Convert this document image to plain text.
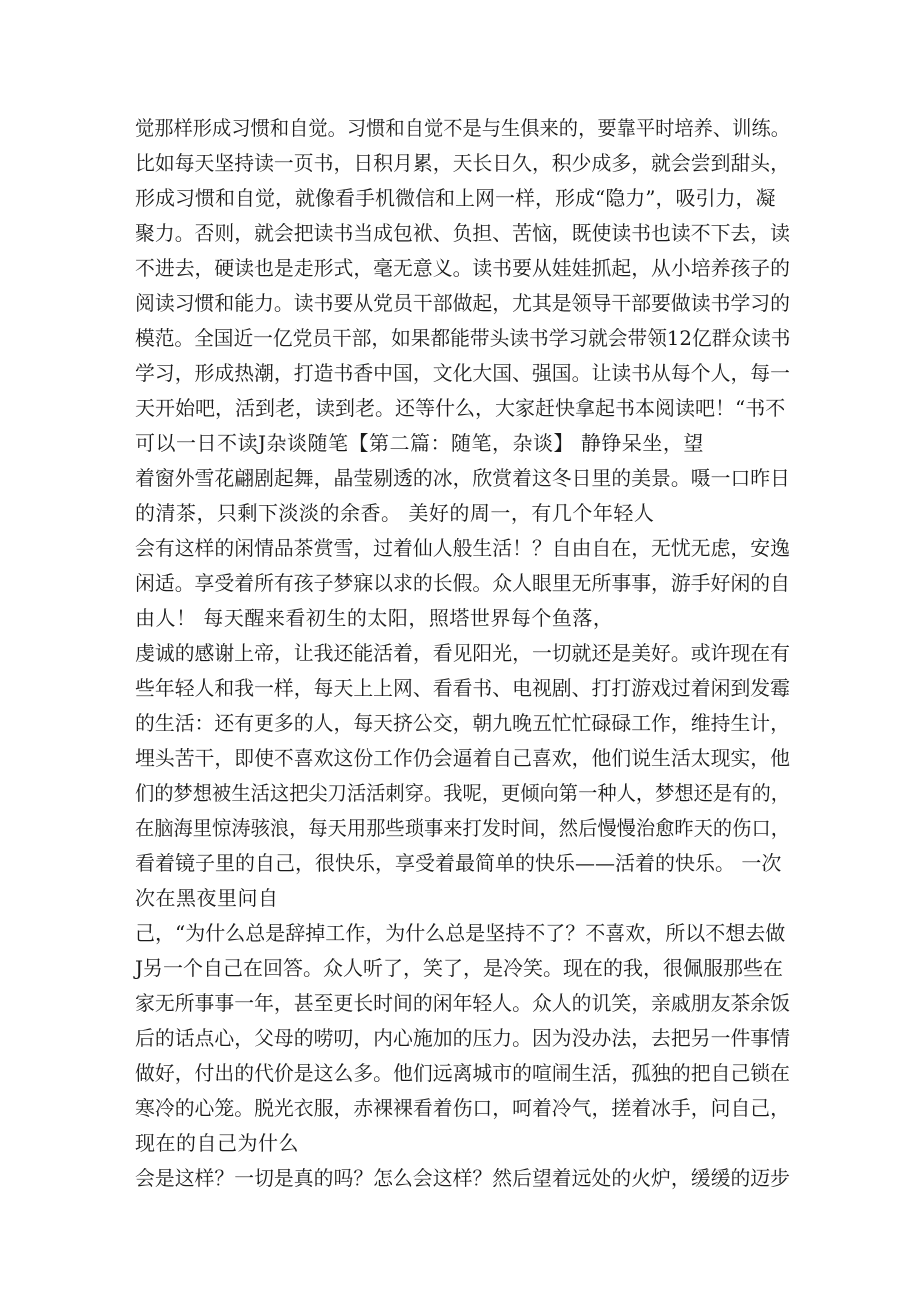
觉那样形成习惯和自觉。习惯和自觉不是与生俱来的，要靠平时培养、训练。
比如每天坚持读一页书，日积月累，天长日久，积少成多，就会尝到甜头，
形成习惯和自觉，就像看手机微信和上网一样，形成“隐力”，吸引力，凝
聚力。否则，就会把读书当成包袱、负担、苦恼，既使读书也读不下去，读
不进去，硬读也是走形式，毫无意义。读书要从娃娃抓起，从小培养孩子的
阅读习惯和能力。读书要从党员干部做起，尤其是领导干部要做读书学习的
模范。全国近一亿党员干部，如果都能带头读书学习就会带领12亿群众读书
学习，形成热潮，打造书香中国，文化大国、强国。让读书从每个人，每一
天开始吧，活到老，读到老。还等什么，大家赶快拿起书本阅读吧！“书不
可以一日不读J杂谈随笔【第二篇：随笔，杂谈】 静铮呆坐，望
着窗外雪花翩剧起舞，晶莹剔透的冰，欣赏着这冬日里的美景。嗫一口昨日
的清茶，只剩下淡淡的余香。 美好的周一，有几个年轻人
会有这样的闲情品茶赏雪，过着仙人般生活！？自由自在，无忧无虑，安逸
闲适。享受着所有孩子梦寐以求的长假。众人眼里无所事事，游手好闲的自
由人！ 每天醒来看初生的太阳，照塔世界每个鱼落，
虔诚的感谢上帝，让我还能活着，看见阳光，一切就还是美好。或许现在有
些年轻人和我一样，每天上上网、看看书、电视剧、打打游戏过着闲到发霉
的生活：还有更多的人，每天挤公交，朝九晚五忙忙碌碌工作，维持生计，
埋头苦干，即使不喜欢这份工作仍会逼着自己喜欢，他们说生活太现实，他
们的梦想被生活这把尖刀活活刺穿。我呢，更倾向第一种人，梦想还是有的，
在脑海里惊涛骇浪，每天用那些琐事来打发时间，然后慢慢治愈昨天的伤口，
看着镜子里的自己，很快乐，享受着最简单的快乐——活着的快乐。 一次
次在黑夜里问自
己，“为什么总是辞掉工作，为什么总是坚持不了？不喜欢，所以不想去做
J另一个自己在回答。众人听了，笑了，是冷笑。现在的我，很佩服那些在
家无所事事一年，甚至更长时间的闲年轻人。众人的讥笑，亲戚朋友茶余饭
后的话点心，父母的唠叨，内心施加的压力。因为没办法，去把另一件事情
做好，付出的代价是这么多。他们远离城市的喧闹生活，孤独的把自己锁在
寒冷的心笼。脱光衣服，赤裸裸看着伤口，呵着冷气，搓着冰手，问自己，
现在的自己为什么
会是这样？一切是真的吗？怎么会这样？然后望着远处的火炉，缓缓的迈步
